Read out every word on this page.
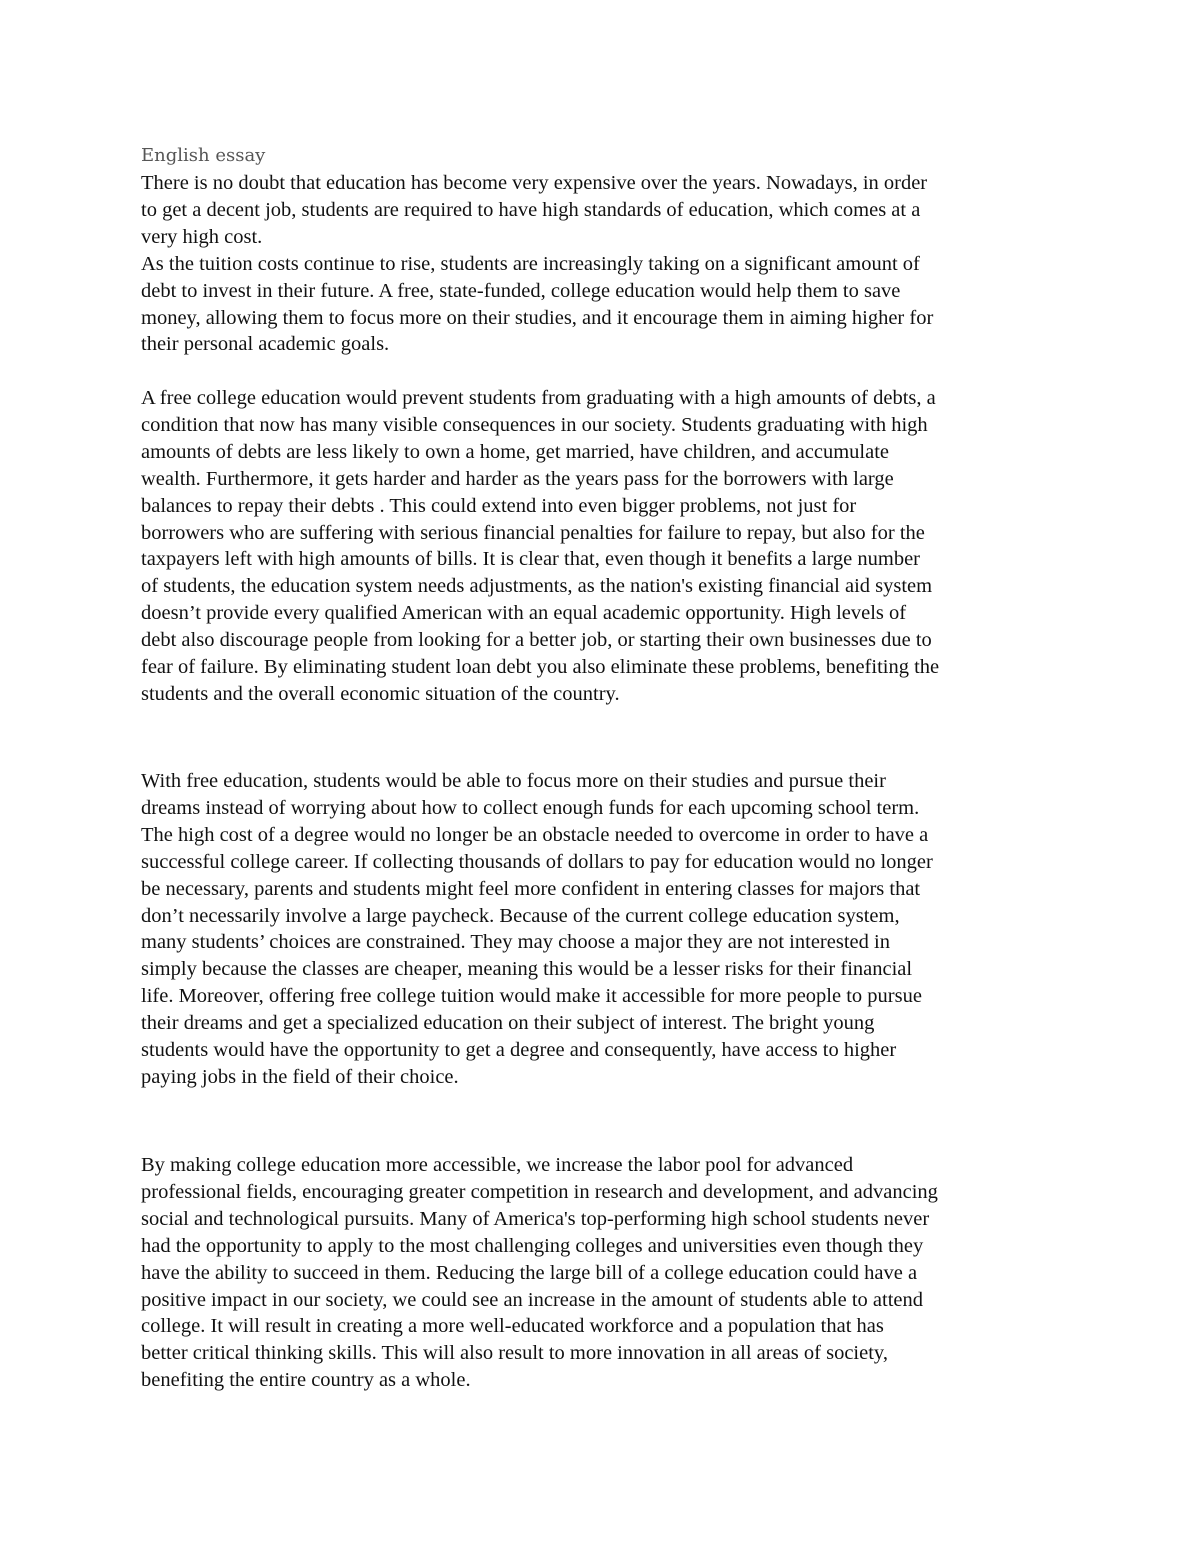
English essay
There is no doubt that education has become very expensive over the years. Nowadays, in order
to get a decent job, students are required to have high standards of education, which comes at a
very high cost.
As the tuition costs continue to rise, students are increasingly taking on a significant amount of
debt to invest in their future. A free, state-funded, college education would help them to save
money, allowing them to focus more on their studies, and it encourage them in aiming higher for
their personal academic goals.
A free college education would prevent students from graduating with a high amounts of debts, a
condition that now has many visible consequences in our society. Students graduating with high
amounts of debts are less likely to own a home, get married, have children, and accumulate
wealth. Furthermore, it gets harder and harder as the years pass for the borrowers with large
balances to repay their debts . This could extend into even bigger problems, not just for
borrowers who are suffering with serious financial penalties for failure to repay, but also for the
taxpayers left with high amounts of bills. It is clear that, even though it benefits a large number
of students, the education system needs adjustments, as the nation's existing financial aid system
doesn’t provide every qualified American with an equal academic opportunity. High levels of
debt also discourage people from looking for a better job, or starting their own businesses due to
fear of failure. By eliminating student loan debt you also eliminate these problems, benefiting the
students and the overall economic situation of the country.
With free education, students would be able to focus more on their studies and pursue their
dreams instead of worrying about how to collect enough funds for each upcoming school term.
The high cost of a degree would no longer be an obstacle needed to overcome in order to have a
successful college career. If collecting thousands of dollars to pay for education would no longer
be necessary, parents and students might feel more confident in entering classes for majors that
don’t necessarily involve a large paycheck. Because of the current college education system,
many students’ choices are constrained. They may choose a major they are not interested in
simply because the classes are cheaper, meaning this would be a lesser risks for their financial
life. Moreover, offering free college tuition would make it accessible for more people to pursue
their dreams and get a specialized education on their subject of interest. The bright young
students would have the opportunity to get a degree and consequently, have access to higher
paying jobs in the field of their choice.
By making college education more accessible, we increase the labor pool for advanced
professional fields, encouraging greater competition in research and development, and advancing
social and technological pursuits. Many of America's top-performing high school students never
had the opportunity to apply to the most challenging colleges and universities even though they
have the ability to succeed in them. Reducing the large bill of a college education could have a
positive impact in our society, we could see an increase in the amount of students able to attend
college. It will result in creating a more well-educated workforce and a population that has
better critical thinking skills. This will also result to more innovation in all areas of society,
benefiting the entire country as a whole.
